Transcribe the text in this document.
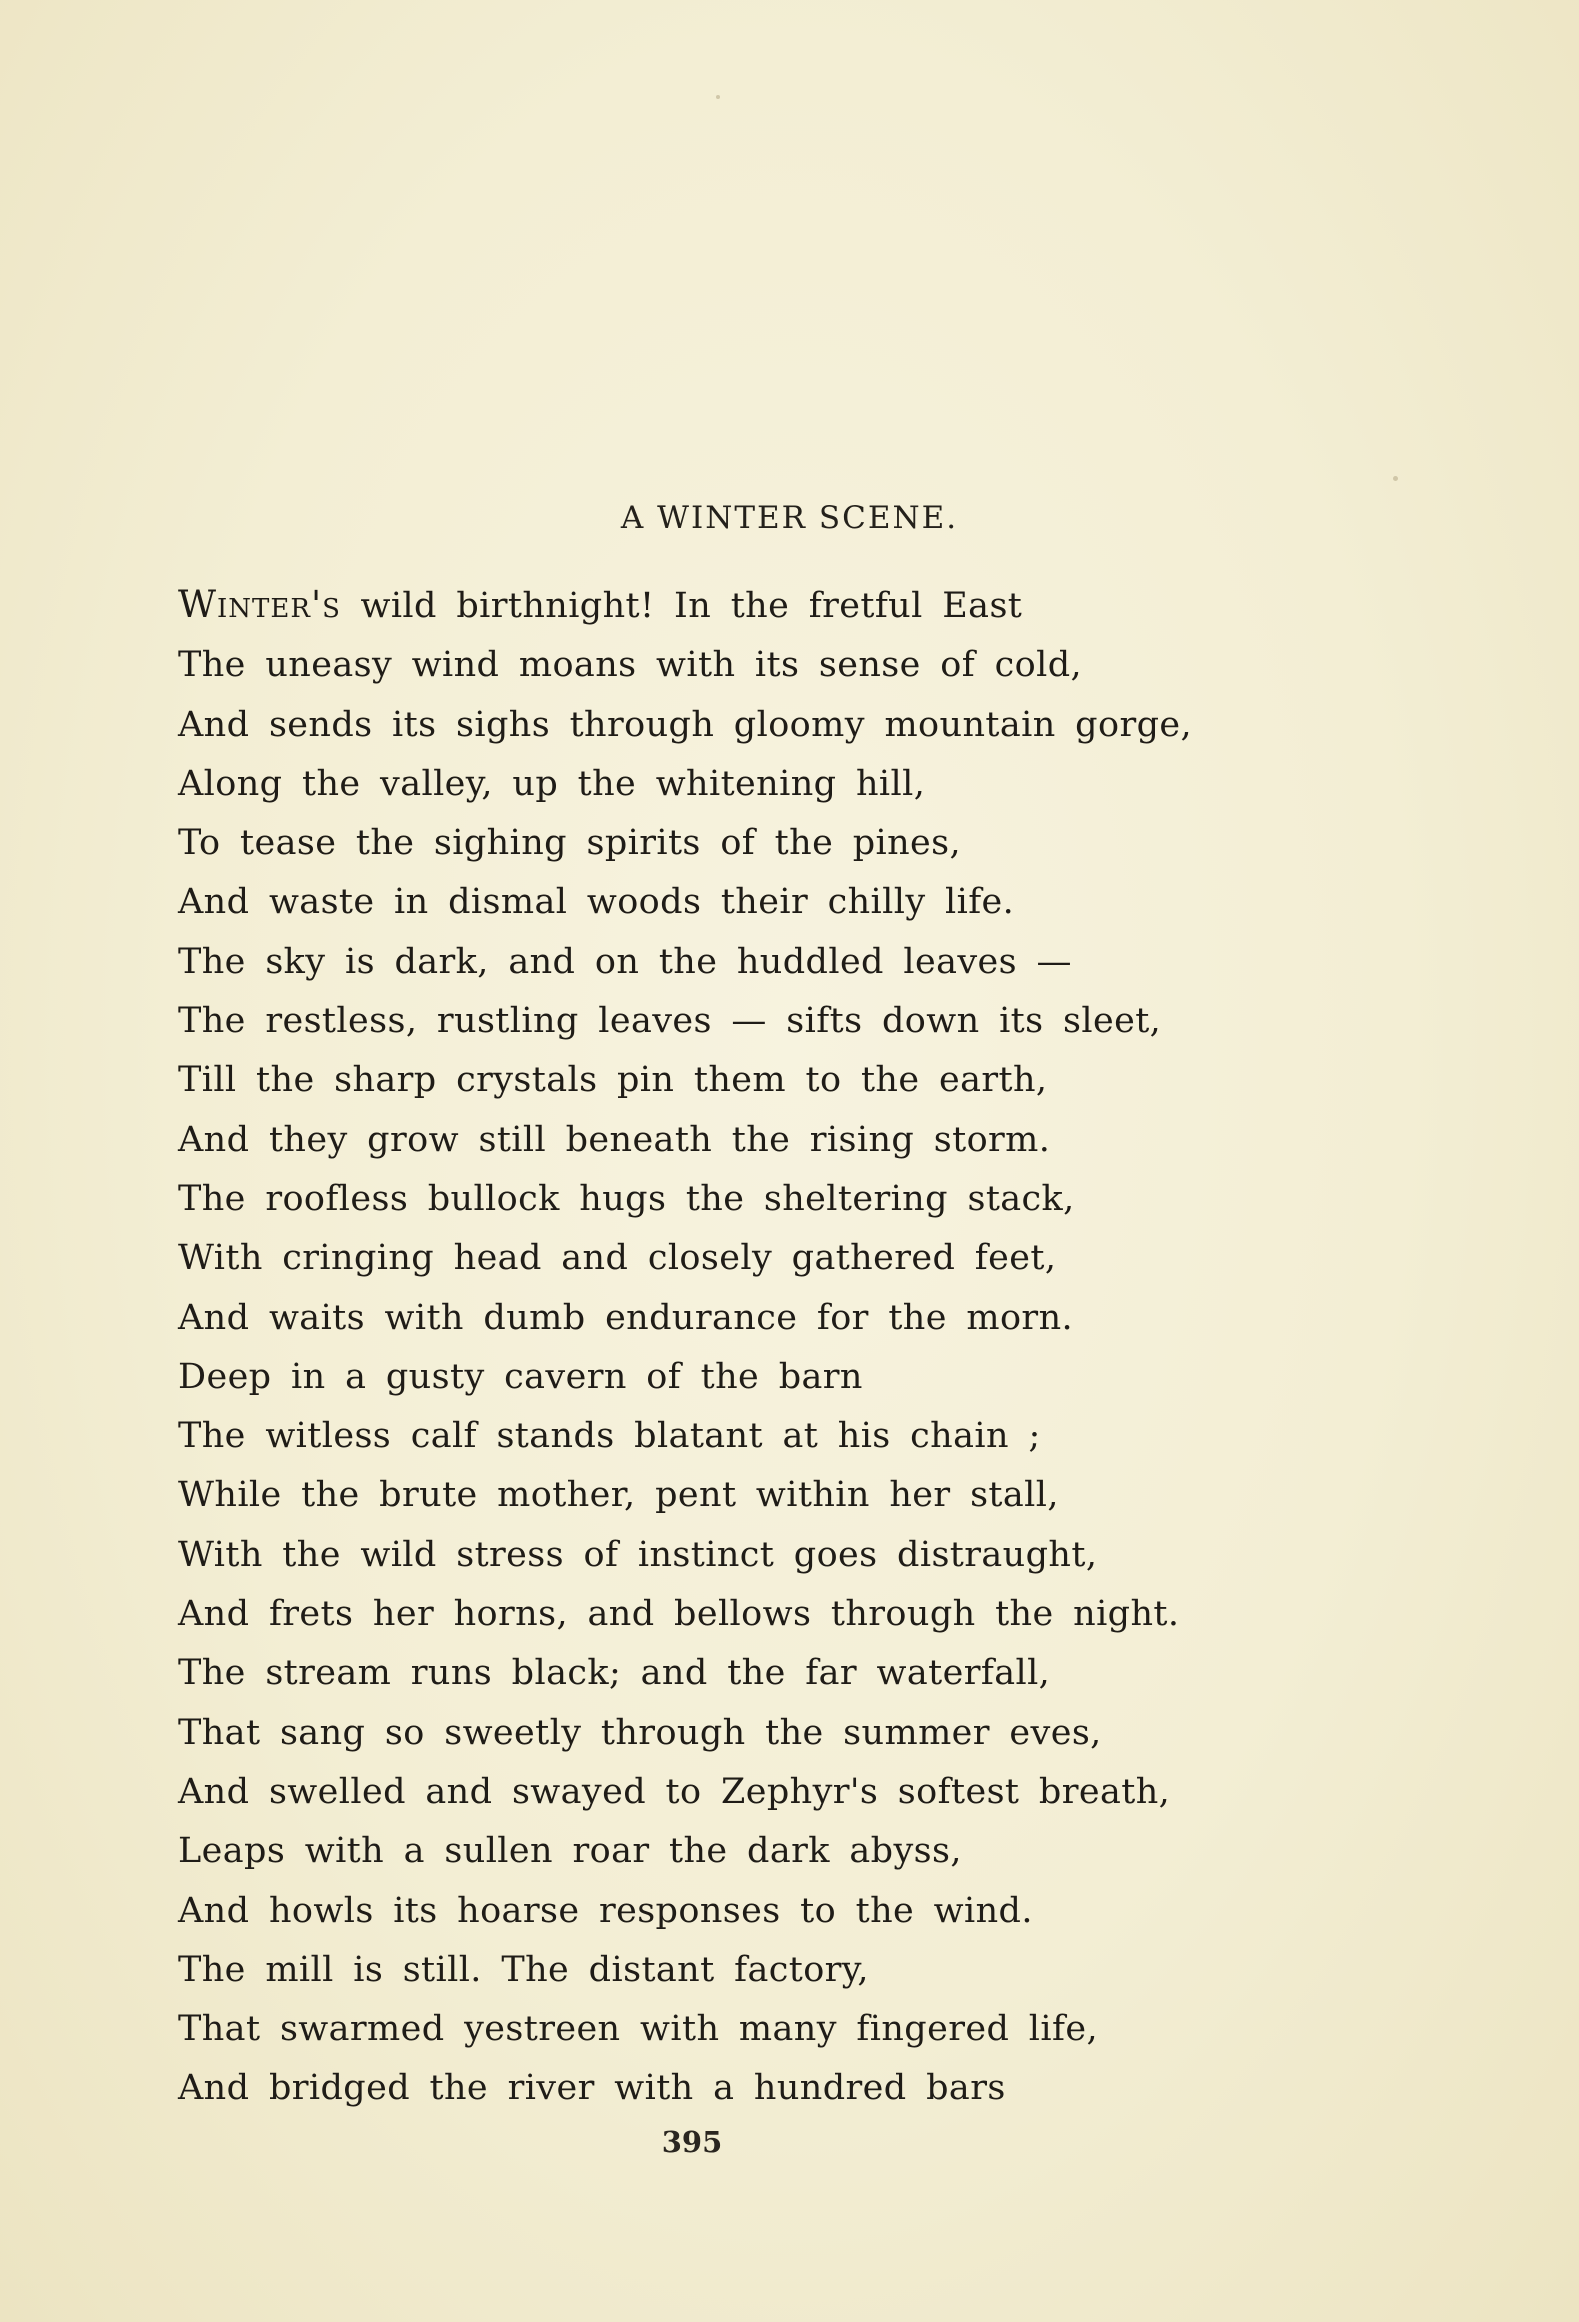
A WINTER SCENE.
Winter's wild birthnight! In the fretful East
The uneasy wind moans with its sense of cold,
And sends its sighs through gloomy mountain gorge,
Along the valley, up the whitening hill,
To tease the sighing spirits of the pines,
And waste in dismal woods their chilly life.
The sky is dark, and on the huddled leaves —
The restless, rustling leaves — sifts down its sleet,
Till the sharp crystals pin them to the earth,
And they grow still beneath the rising storm.
The roofless bullock hugs the sheltering stack,
With cringing head and closely gathered feet,
And waits with dumb endurance for the morn.
Deep in a gusty cavern of the barn
The witless calf stands blatant at his chain ;
While the brute mother, pent within her stall,
With the wild stress of instinct goes distraught,
And frets her horns, and bellows through the night.
The stream runs black; and the far waterfall,
That sang so sweetly through the summer eves,
And swelled and swayed to Zephyr's softest breath,
Leaps with a sullen roar the dark abyss,
And howls its hoarse responses to the wind.
The mill is still. The distant factory,
That swarmed yestreen with many fingered life,
And bridged the river with a hundred bars
395
